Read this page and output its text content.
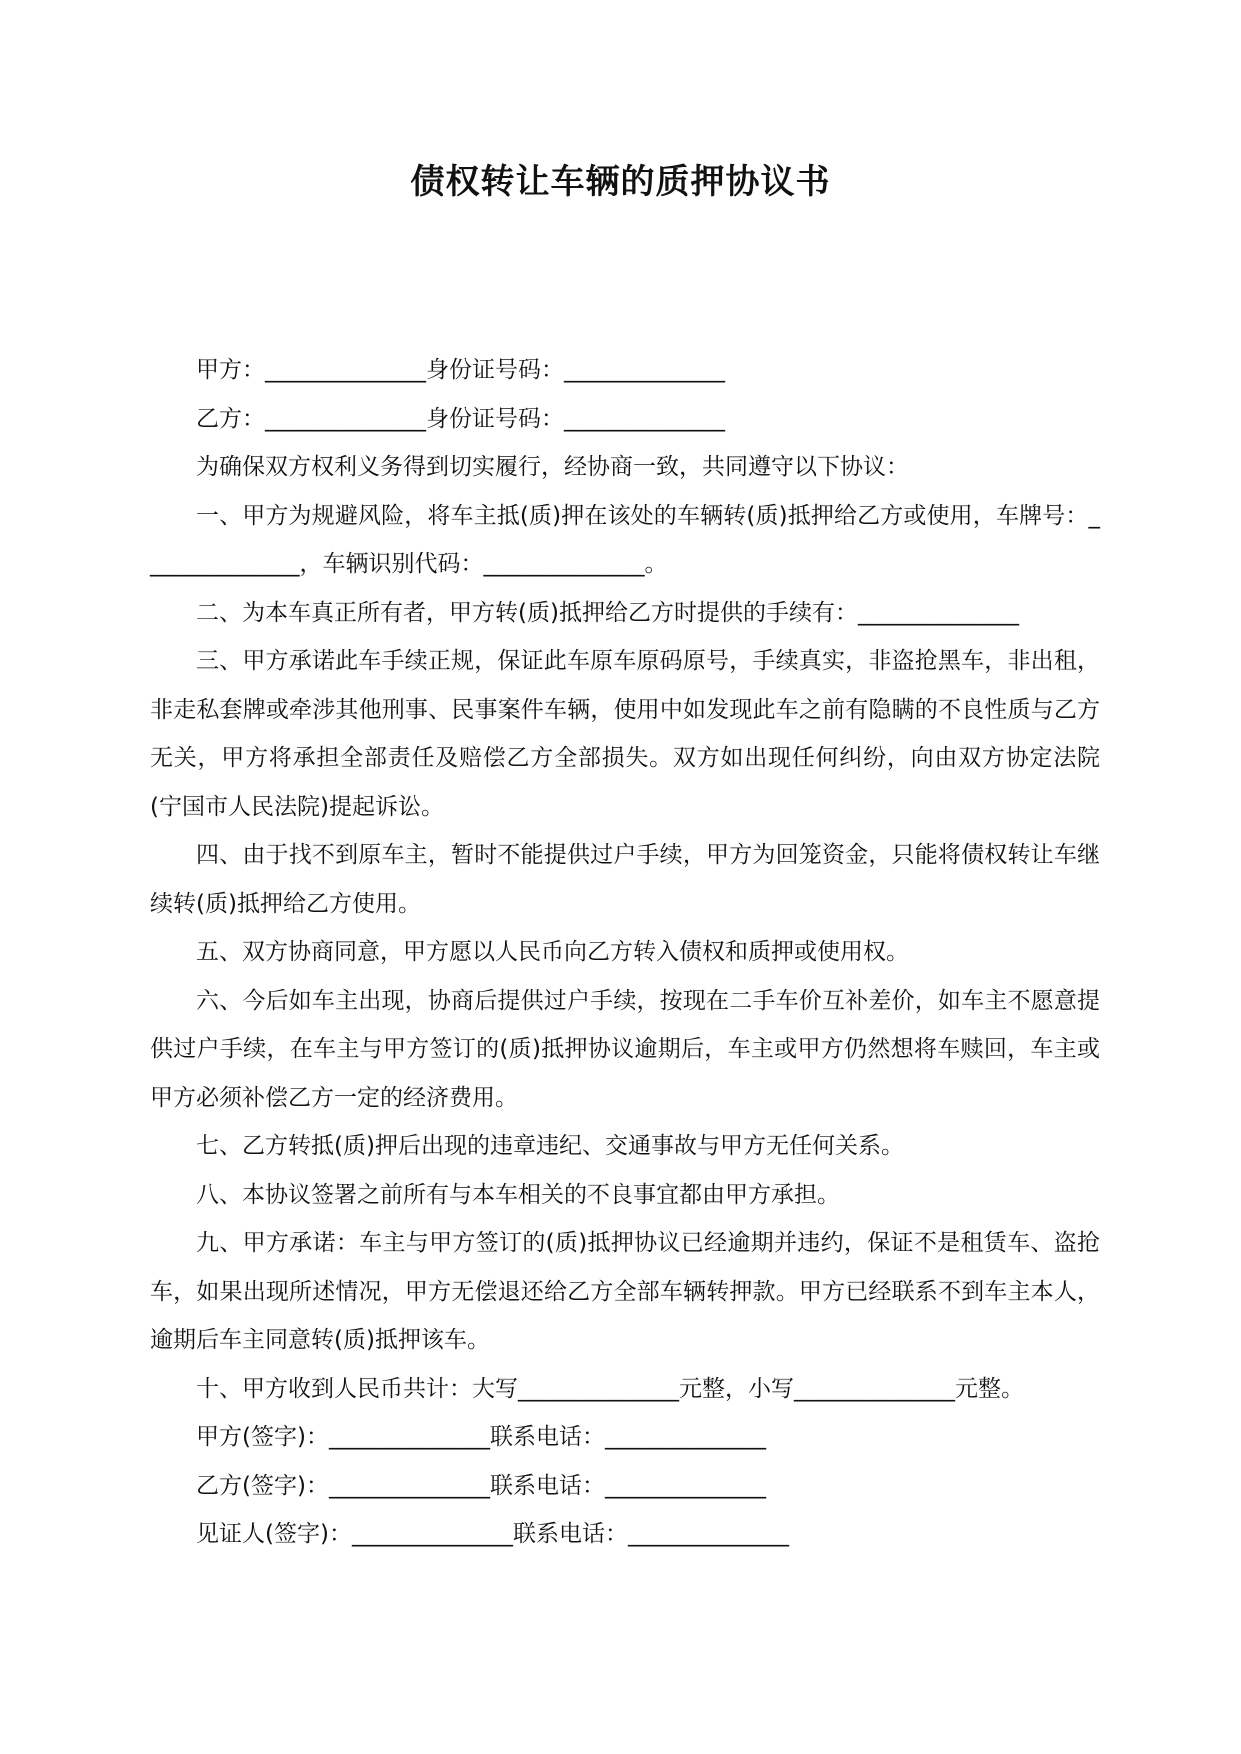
债权转让车辆的质押协议书

甲方：______________身份证号码：______________

乙方：______________身份证号码：______________

为确保双方权利义务得到切实履行，经协商一致，共同遵守以下协议：

一、甲方为规避风险，将车主抵(质)押在该处的车辆转(质)抵押给乙方或使用，车牌号：______________，车辆识别代码：______________。

二、为本车真正所有者，甲方转(质)抵押给乙方时提供的手续有：______________

三、甲方承诺此车手续正规，保证此车原车原码原号，手续真实，非盗抢黑车，非出租，非走私套牌或牵涉其他刑事、民事案件车辆，使用中如发现此车之前有隐瞒的不良性质与乙方无关，甲方将承担全部责任及赔偿乙方全部损失。双方如出现任何纠纷，向由双方协定法院(宁国市人民法院)提起诉讼。

四、由于找不到原车主，暂时不能提供过户手续，甲方为回笼资金，只能将债权转让车继续转(质)抵押给乙方使用。

五、双方协商同意，甲方愿以人民币向乙方转入债权和质押或使用权。

六、今后如车主出现，协商后提供过户手续，按现在二手车价互补差价，如车主不愿意提供过户手续，在车主与甲方签订的(质)抵押协议逾期后，车主或甲方仍然想将车赎回，车主或甲方必须补偿乙方一定的经济费用。

七、乙方转抵(质)押后出现的违章违纪、交通事故与甲方无任何关系。

八、本协议签署之前所有与本车相关的不良事宜都由甲方承担。

九、甲方承诺：车主与甲方签订的(质)抵押协议已经逾期并违约，保证不是租赁车、盗抢车，如果出现所述情况，甲方无偿退还给乙方全部车辆转押款。甲方已经联系不到车主本人，逾期后车主同意转(质)抵押该车。

十、甲方收到人民币共计：大写______________元整，小写______________元整。

甲方(签字)：______________联系电话：______________

乙方(签字)：______________联系电话：______________

见证人(签字)：______________联系电话：______________
